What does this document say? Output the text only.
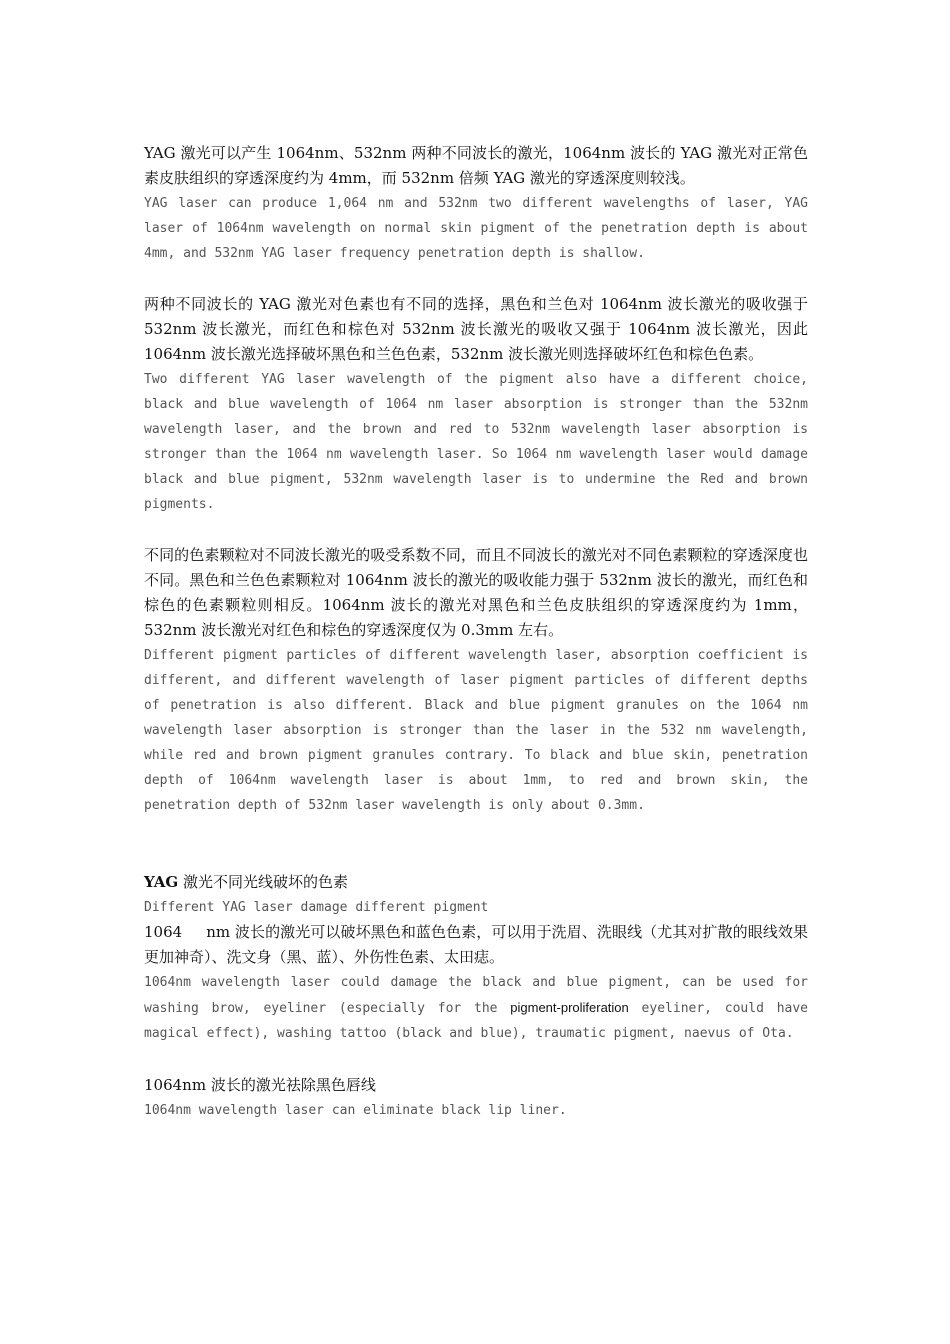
YAG 激光可以产生 1064nm、532nm 两种不同波长的激光，1064nm 波长的 YAG 激光对正常色素皮肤组织的穿透深度约为 4mm，而 532nm 倍频 YAG 激光的穿透深度则较浅。

YAG laser can produce 1,064 nm and 532nm two different wavelengths of laser, YAG laser of 1064nm wavelength on normal skin pigment of the penetration depth is about 4mm, and 532nm YAG laser frequency penetration depth is shallow.

两种不同波长的 YAG 激光对色素也有不同的选择，黑色和兰色对 1064nm 波长激光的吸收强于 532nm 波长激光，而红色和棕色对 532nm 波长激光的吸收又强于 1064nm 波长激光，因此 1064nm 波长激光选择破坏黑色和兰色色素，532nm 波长激光则选择破坏红色和棕色色素。

Two different YAG laser wavelength of the pigment also have a different choice, black and blue wavelength of 1064 nm laser absorption is stronger than the 532nm wavelength laser, and the brown and red to 532nm wavelength laser absorption is stronger than the 1064 nm wavelength laser. So 1064 nm wavelength laser would damage black and blue pigment, 532nm wavelength laser is to undermine the Red and brown pigments.

不同的色素颗粒对不同波长激光的吸受系数不同，而且不同波长的激光对不同色素颗粒的穿透深度也不同。黑色和兰色色素颗粒对 1064nm 波长的激光的吸收能力强于 532nm 波长的激光，而红色和棕色的色素颗粒则相反。1064nm 波长的激光对黑色和兰色皮肤组织的穿透深度约为 1mm，532nm 波长激光对红色和棕色的穿透深度仅为 0.3mm 左右。

Different pigment particles of different wavelength laser, absorption coefficient is different, and different wavelength of laser pigment particles of different depths of penetration is also different. Black and blue pigment granules on the 1064 nm wavelength laser absorption is stronger than the laser in the 532 nm wavelength, while red and brown pigment granules contrary. To black and blue skin, penetration depth of 1064nm wavelength laser is about 1mm, to red and brown skin, the penetration depth of 532nm laser wavelength is only about 0.3mm.

YAG 激光不同光线破坏的色素

Different YAG laser damage different pigment

1064 nm 波长的激光可以破坏黑色和蓝色色素，可以用于洗眉、洗眼线（尤其对扩散的眼线效果更加神奇）、洗文身（黑、蓝）、外伤性色素、太田痣。

1064nm wavelength laser could damage the black and blue pigment, can be used for washing brow, eyeliner (especially for the pigment-proliferation eyeliner, could have magical effect), washing tattoo (black and blue), traumatic pigment, naevus of Ota.

1064nm 波长的激光祛除黑色唇线

1064nm wavelength laser can eliminate black lip liner.
